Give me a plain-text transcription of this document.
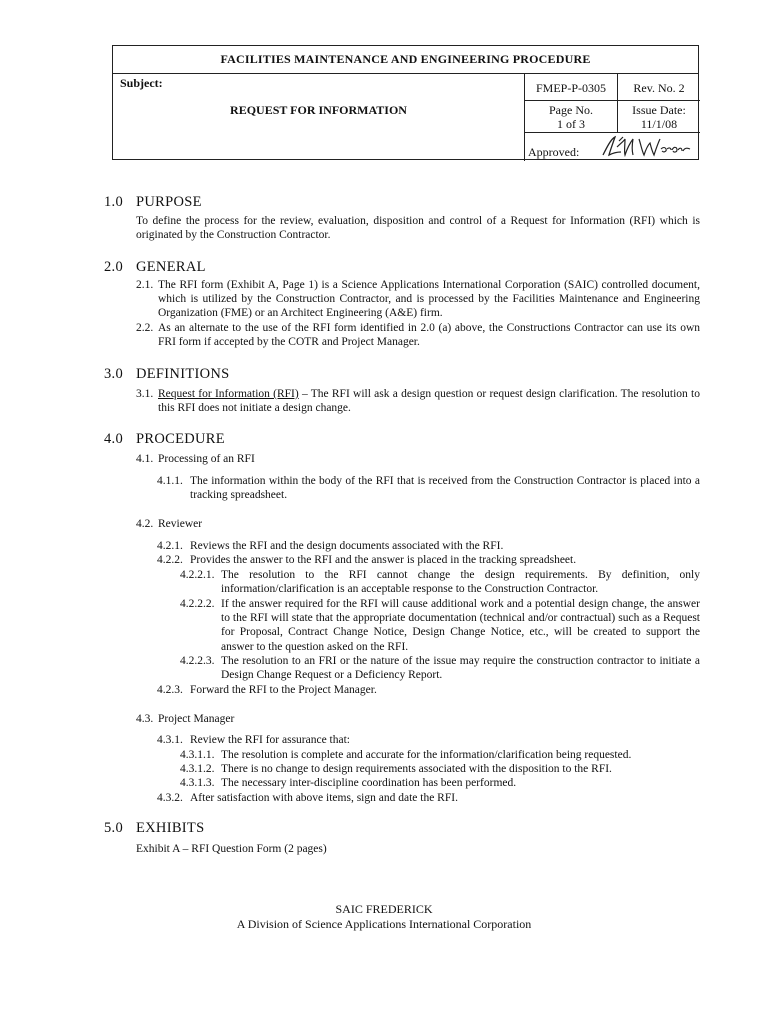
FACILITIES MAINTENANCE AND ENGINEERING PROCEDURE
Subject:
REQUEST FOR INFORMATION
FMEP-P-0305	Rev. No. 2
Page No.
1 of 3
Issue Date:
11/1/08
Approved:
1.0 PURPOSE
To define the process for the review, evaluation, disposition and control of a Request for Information (RFI) which is originated by the Construction Contractor.
2.0 GENERAL
2.1. The RFI form (Exhibit A, Page 1) is a Science Applications International Corporation (SAIC) controlled document, which is utilized by the Construction Contractor, and is processed by the Facilities Maintenance and Engineering Organization (FME) or an Architect Engineering (A&E) firm.
2.2. As an alternate to the use of the RFI form identified in 2.0 (a) above, the Constructions Contractor can use its own FRI form if accepted by the COTR and Project Manager.
3.0 DEFINITIONS
3.1. Request for Information (RFI) – The RFI will ask a design question or request design clarification. The resolution to this RFI does not initiate a design change.
4.0 PROCEDURE
4.1. Processing of an RFI
4.1.1. The information within the body of the RFI that is received from the Construction Contractor is placed into a tracking spreadsheet.
4.2. Reviewer
4.2.1. Reviews the RFI and the design documents associated with the RFI.
4.2.2. Provides the answer to the RFI and the answer is placed in the tracking spreadsheet.
4.2.2.1. The resolution to the RFI cannot change the design requirements. By definition, only information/clarification is an acceptable response to the Construction Contractor.
4.2.2.2. If the answer required for the RFI will cause additional work and a potential design change, the answer to the RFI will state that the appropriate documentation (technical and/or contractual) such as a Request for Proposal, Contract Change Notice, Design Change Notice, etc., will be created to support the answer to the question asked on the RFI.
4.2.2.3. The resolution to an FRI or the nature of the issue may require the construction contractor to initiate a Design Change Request or a Deficiency Report.
4.2.3. Forward the RFI to the Project Manager.
4.3. Project Manager
4.3.1. Review the RFI for assurance that:
4.3.1.1. The resolution is complete and accurate for the information/clarification being requested.
4.3.1.2. There is no change to design requirements associated with the disposition to the RFI.
4.3.1.3. The necessary inter-discipline coordination has been performed.
4.3.2. After satisfaction with above items, sign and date the RFI.
5.0 EXHIBITS
Exhibit A – RFI Question Form (2 pages)
SAIC FREDERICK
A Division of Science Applications International Corporation
